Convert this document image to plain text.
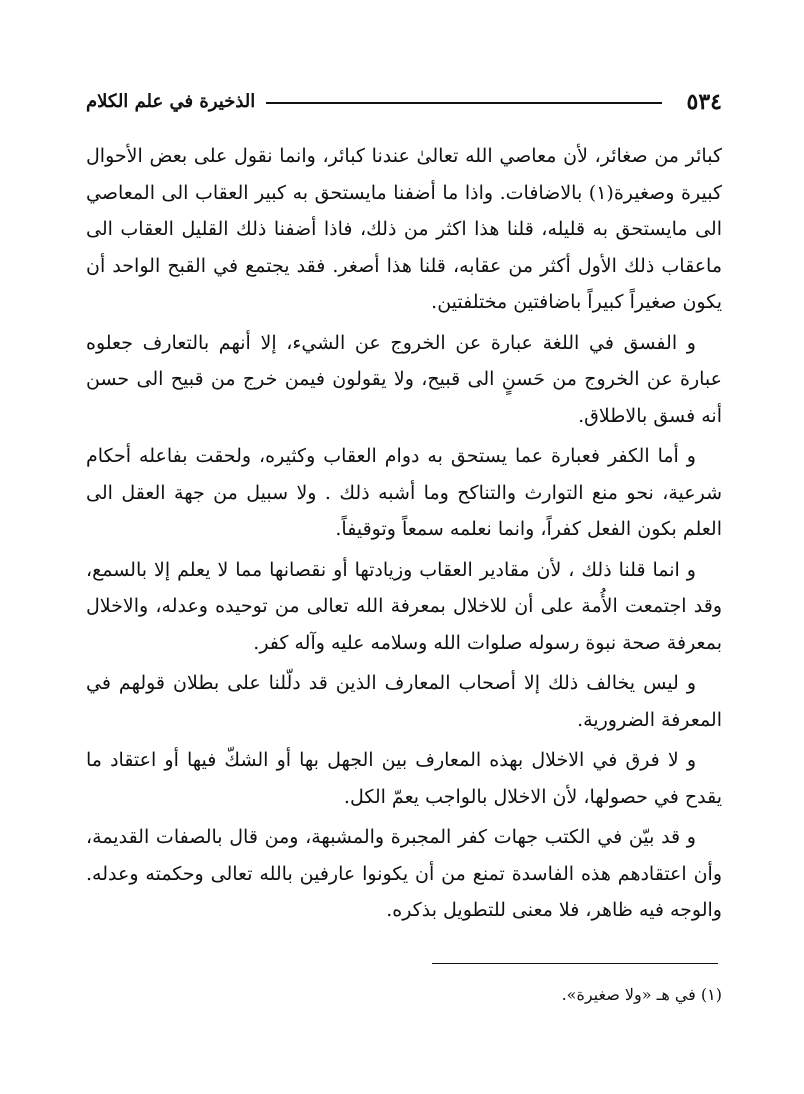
٥٣٤
الذخيرة في علم الكلام

كبائر من صغائر، لأن معاصي الله تعالىٰ عندنا كبائر، وانما نقول على بعض الأحوال كبيرة وصغيرة(١) بالاضافات. واذا ما أضفنا مايستحق به كبير العقاب الى المعاصي الى مايستحق به قليله، قلنا هذا اكثر من ذلك، فاذا أضفنا ذلك القليل العقاب الى ماعقاب ذلك الأول أكثر من عقابه، قلنا هذا أصغر. فقد يجتمع في القبح الواحد أن يكون صغيراً كبيراً باضافتين مختلفتين.

و الفسق في اللغة عبارة عن الخروج عن الشيء، إلا أنهم بالتعارف جعلوه عبارة عن الخروج من حَسنٍ الى قبيح، ولا يقولون فيمن خرج من قبيح الى حسن أنه فسق بالاطلاق.

و أما الكفر فعبارة عما يستحق به دوام العقاب وكثيره، ولحقت بفاعله أحكام شرعية، نحو منع التوارث والتناكح وما أشبه ذلك . ولا سبيل من جهة العقل الى العلم بكون الفعل كفراً، وانما نعلمه سمعاً وتوقيفاً.

و انما قلنا ذلك ، لأن مقادير العقاب وزيادتها أو نقصانها مما لا يعلم إلا بالسمع، وقد اجتمعت الأُمة على أن للاخلال بمعرفة الله تعالى من توحيده وعدله، والاخلال بمعرفة صحة نبوة رسوله صلوات الله وسلامه عليه وآله كفر.

و ليس يخالف ذلك إلا أصحاب المعارف الذين قد دلّلنا على بطلان قولهم في المعرفة الضرورية.

و لا فرق في الاخلال بهذه المعارف بين الجهل بها أو الشكّ فيها أو اعتقاد ما يقدح في حصولها، لأن الاخلال بالواجب يعمّ الكل.

و قد بيّن في الكتب جهات كفر المجبرة والمشبهة، ومن قال بالصفات القديمة، وأن اعتقادهم هذه الفاسدة تمنع من أن يكونوا عارفين بالله تعالى وحكمته وعدله. والوجه فيه ظاهر، فلا معنى للتطويل بذكره.

(١) في هـ «ولا صغيرة».
